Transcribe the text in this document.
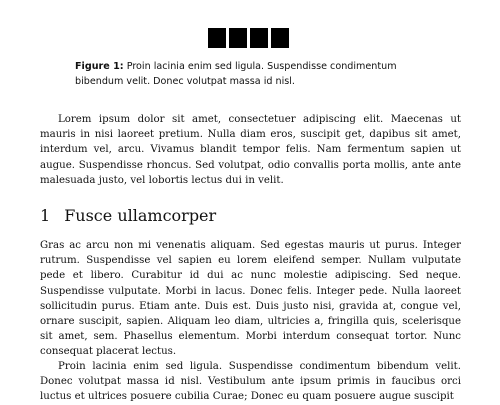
Figure 1: Proin lacinia enim sed ligula. Suspendisse condimentum bibendum velit. Donec volutpat massa id nisl.

Lorem ipsum dolor sit amet, consectetuer adipiscing elit. Maecenas ut mauris in nisi laoreet pretium. Nulla diam eros, suscipit get, dapibus sit amet, interdum vel, arcu. Vivamus blandit tempor felis. Nam fermentum sapien ut augue. Suspendisse rhoncus. Sed volutpat, odio convallis porta mollis, ante ante malesuada justo, vel lobortis lectus dui in velit.

1 Fusce ullamcorper

Gras ac arcu non mi venenatis aliquam. Sed egestas mauris ut purus. Integer rutrum. Suspendisse vel sapien eu lorem eleifend semper. Nullam vulputate pede et libero. Curabitur id dui ac nunc molestie adipiscing. Sed neque. Suspendisse vulputate. Morbi in lacus. Donec felis. Integer pede. Nulla laoreet sollicitudin purus. Etiam ante. Duis est. Duis justo nisi, gravida at, congue vel, ornare suscipit, sapien. Aliquam leo diam, ultricies a, fringilla quis, scelerisque sit amet, sem. Phasellus elementum. Morbi interdum consequat tortor. Nunc consequat placerat lectus.

Proin lacinia enim sed ligula. Suspendisse condimentum bibendum velit. Donec volutpat massa id nisl. Vestibulum ante ipsum primis in faucibus orci luctus et ultrices posuere cubilia Curae; Donec eu quam posuere augue suscipit
